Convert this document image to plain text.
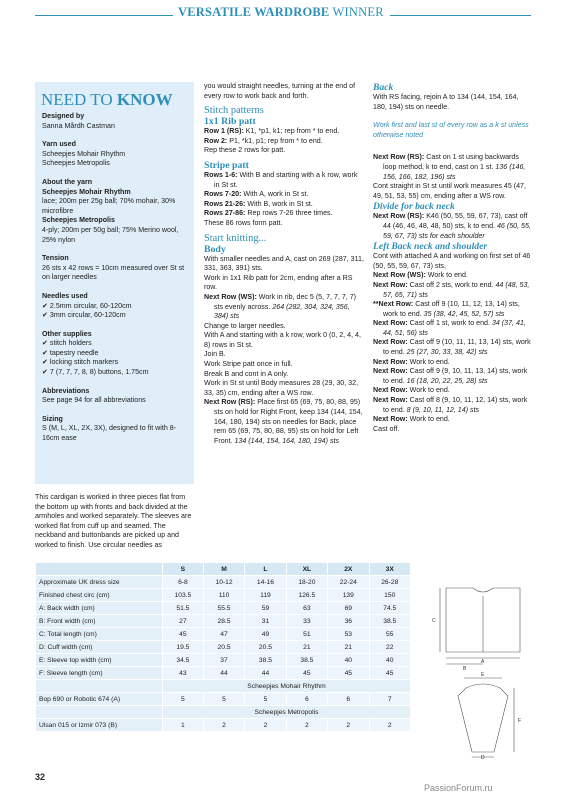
VERSATILE WARDROBE WINNER
NEED TO KNOW
Designed by
Sanna Mårdh Castman
Yarn used
Scheepjes Mohair Rhythm
Scheepjes Metropolis
About the yarn
Scheepjes Mohair Rhythm
lace; 200m per 25g ball; 70% mohair, 30% microfibre
Scheepjes Metropolis
4-ply; 200m per 50g ball; 75% Merino wool, 25% nylon
Tension
26 sts x 42 rows = 10cm measured over St st on larger needles
Needles used
✔ 2.5mm circular, 60-120cm
✔ 3mm circular, 60-120cm
Other supplies
✔ stitch holders
✔ tapestry needle
✔ locking stitch markers
✔ 7 (7, 7, 7, 8, 8) buttons, 1.75cm
Abbreviations
See page 94 for all abbreviations
Sizing
S (M, L, XL, 2X, 3X), designed to fit with 8-16cm ease
This cardigan is worked in three pieces flat from the bottom up with fronts and back divided at the armholes and worked separately. The sleeves are worked flat from cuff up and seamed. The neckband and buttonbands are picked up and worked to finish. Use circular needles as
you would straight needles, turning at the end of every row to work back and forth.
Stitch patterns
1x1 Rib patt
Row 1 (RS): K1, *p1, k1; rep from * to end.
Row 2: P1, *k1, p1; rep from * to end.
Rep these 2 rows for patt.
Stripe patt
Rows 1-6: With B and starting with a k row, work in St st.
Rows 7-20: With A, work in St st.
Rows 21-26: With B, work in St st.
Rows 27-86: Rep rows 7-26 three times.
These 86 rows form patt.
Start knitting...
Body
With smaller needles and A, cast on 269 (287, 311, 331, 363, 391) sts.
Work in 1x1 Rib patt for 2cm, ending after a RS row.
Next Row (WS): Work in rib, dec 5 (5, 7, 7, 7, 7) sts evenly across. 264 (282, 304, 324, 356, 384) sts
Change to larger needles.
With A and starting with a k row, work 0 (0, 2, 4, 4, 8) rows in St st.
Join B.
Work Stripe patt once in full.
Break B and cont in A only.
Work in St st until Body measures 28 (29, 30, 32, 33, 35) cm, ending after a WS row.
Next Row (RS): Place first 65 (69, 75, 80, 88, 95) sts on hold for Right Front, keep 134 (144, 154, 164, 180, 194) sts on needles for Back, place rem 65 (69, 75, 80, 88, 95) sts on hold for Left Front. 134 (144, 154, 164, 180, 194) sts
Back
With RS facing, rejoin A to 134 (144, 154, 164, 180, 194) sts on needle.
Work first and last st of every row as a k st unless otherwise noted
Next Row (RS): Cast on 1 st using backwards loop method, k to end, cast on 1 st. 136 (146, 156, 166, 182, 196) sts
Cont straight in St st until work measures 45 (47, 49, 51, 53, 55) cm, ending after a WS row.
Divide for back neck
Next Row (RS): K46 (50, 55, 59, 67, 73), cast off 44 (46, 46, 48, 48, 50) sts, k to end. 46 (50, 55, 59, 67, 73) sts for each shoulder
Left Back neck and shoulder
Cont with attached A and working on first set of 46 (50, 55, 59, 67, 73) sts,
Next Row (WS): Work to end.
Next Row: Cast off 2 sts, work to end. 44 (48, 53, 57, 65, 71) sts
**Next Row: Cast off 9 (10, 11, 12, 13, 14) sts, work to end. 35 (38, 42, 45, 52, 57) sts
Next Row: Cast off 1 st, work to end. 34 (37, 41, 44, 51, 56) sts
Next Row: Cast off 9 (10, 11, 11, 13, 14) sts, work to end. 25 (27, 30, 33, 38, 42) sts
Next Row: Work to end.
Next Row: Cast off 9 (9, 10, 11, 13, 14) sts, work to end. 16 (18, 20, 22, 25, 28) sts
Next Row: Work to end.
Next Row: Cast off 8 (9, 10, 11, 12, 14) sts, work to end. 8 (9, 10, 11, 12, 14) sts
Next Row: Work to end.
Cast off.
	S	M	L	XL	2X	3X
Approximate UK dress size	6-8	10-12	14-16	18-20	22-24	26-28
Finished chest circ (cm)	103.5	110	119	126.5	139	150
A: Back width (cm)	51.5	55.5	59	63	69	74.5
B: Front width (cm)	27	28.5	31	33	36	38.5
C: Total length (cm)	45	47	49	51	53	55
D: Cuff width (cm)	19.5	20.5	20.5	21	21	22
E: Sleeve top width (cm)	34.5	37	38.5	38.5	40	40
F: Sleeve length (cm)	43	44	44	45	45	45
	Scheepjes Mohair Rhythm					
Bop 690 or Robotic 674 (A)	5	5	5	6	6	7
	Scheepjes Metropolis					
Ulsan 015 or Izmir 073 (B)	1	2	2	2	2	2
C
A
B
E
F
D
32
PassionForum.ru
